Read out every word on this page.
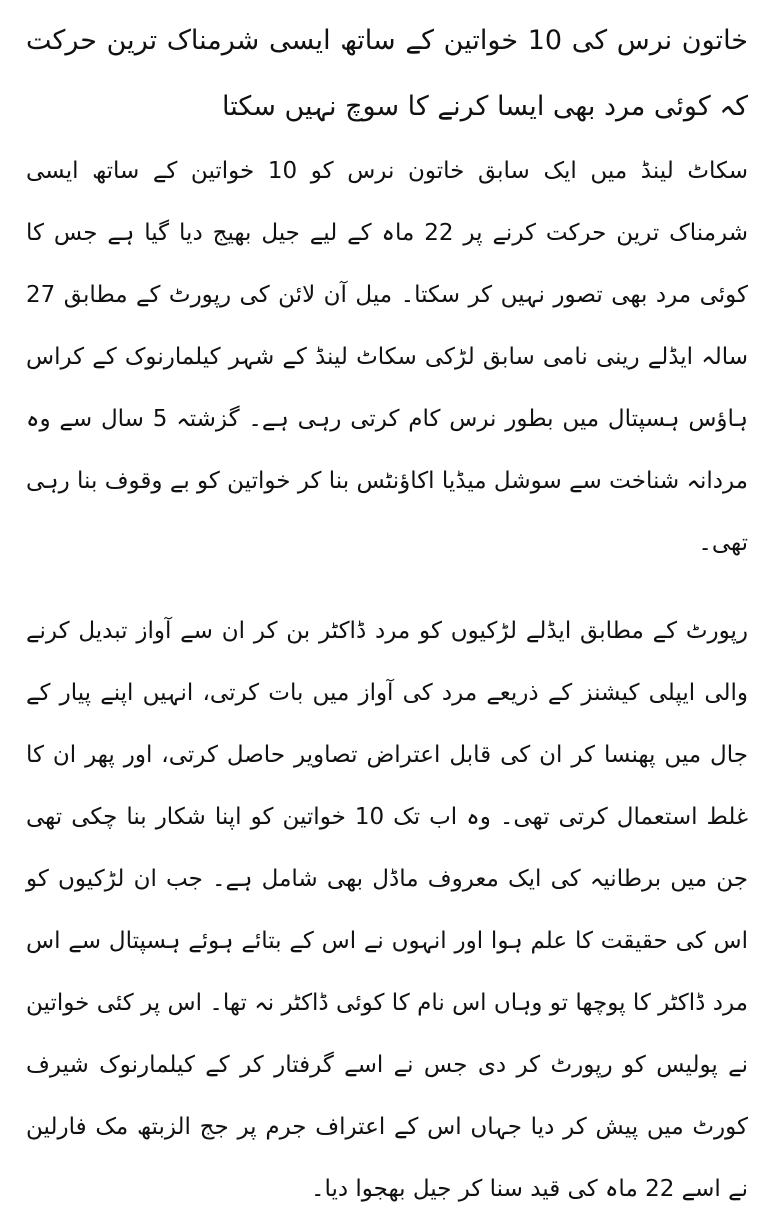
خاتون نرس کی 10 خواتین کے ساتھ ایسی شرمناک ترین حرکت کہ کوئی مرد بھی ایسا کرنے کا سوچ نہیں سکتا

سکاٹ لینڈ میں ایک سابق خاتون نرس کو 10 خواتین کے ساتھ ایسی شرمناک ترین حرکت کرنے پر 22 ماہ کے لیے جیل بھیج دیا گیا ہے جس کا کوئی مرد بھی تصور نہیں کر سکتا۔ میل آن لائن کی رپورٹ کے مطابق 27 سالہ ایڈلے رینی نامی سابق لڑکی سکاٹ لینڈ کے شہر کیلمارنوک کے کراس ہاؤس ہسپتال میں بطور نرس کام کرتی رہی ہے۔ گزشتہ 5 سال سے وہ مردانہ شناخت سے سوشل میڈیا اکاؤنٹس بنا کر خواتین کو بے وقوف بنا رہی تھی۔

رپورٹ کے مطابق ایڈلے لڑکیوں کو مرد ڈاکٹر بن کر ان سے آواز تبدیل کرنے والی ایپلی کیشنز کے ذریعے مرد کی آواز میں بات کرتی، انہیں اپنے پیار کے جال میں پھنسا کر ان کی قابل اعتراض تصاویر حاصل کرتی، اور پھر ان کا غلط استعمال کرتی تھی۔ وہ اب تک 10 خواتین کو اپنا شکار بنا چکی تھی جن میں برطانیہ کی ایک معروف ماڈل بھی شامل ہے۔ جب ان لڑکیوں کو اس کی حقیقت کا علم ہوا اور انہوں نے اس کے بتائے ہوئے ہسپتال سے اس مرد ڈاکٹر کا پوچھا تو وہاں اس نام کا کوئی ڈاکٹر نہ تھا۔ اس پر کئی خواتین نے پولیس کو رپورٹ کر دی جس نے اسے گرفتار کر کے کیلمارنوک شیرف کورٹ میں پیش کر دیا جہاں اس کے اعتراف جرم پر جج الزبتھ مک فارلین نے اسے 22 ماہ کی قید سنا کر جیل بھجوا دیا۔
